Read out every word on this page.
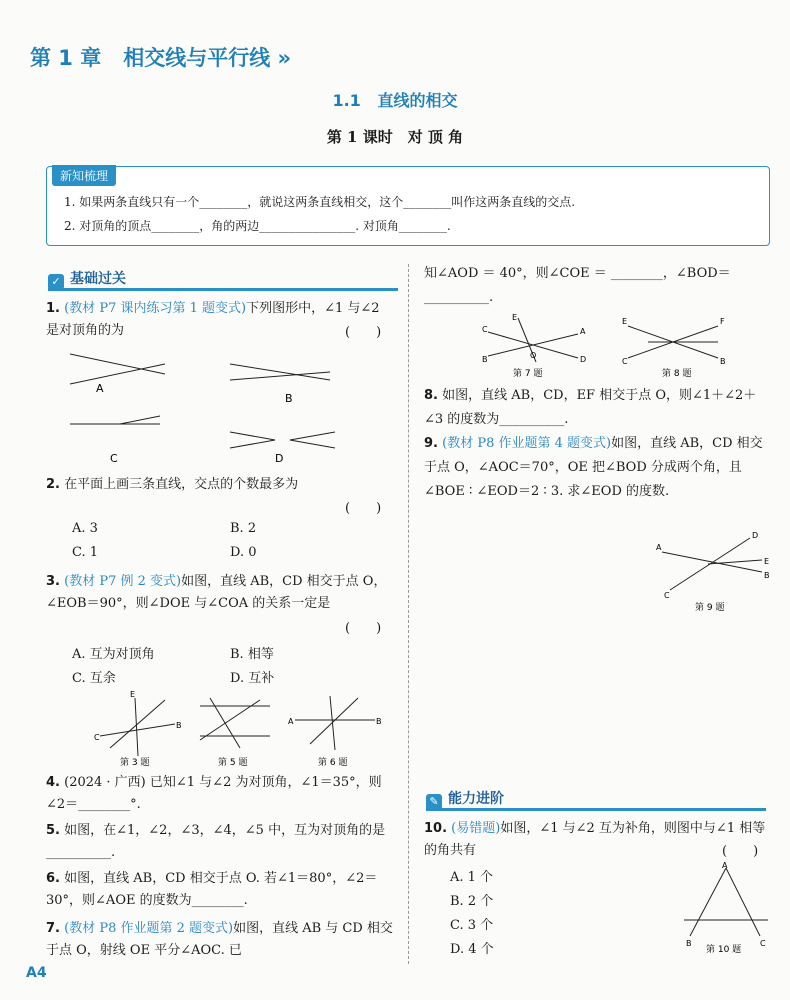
第 1 章 相交线与平行线 »
1.1 直线的相交
第 1 课时　对 顶 角
新知梳理
1. 如果两条直线只有一个________，就说这两条直线相交，这个________叫作这两条直线的交点.
2. 对顶角的顶点________，角的两边________________. 对顶角________.
✓ 基础过关
1. (教材 P7 课内练习第 1 题变式)下列图形中，∠1 与∠2 是对顶角的为	(　　)
A
B
C	D
2. 在平面上画三条直线，交点的个数最多为
(　　)
A. 3	B. 2
C. 1	D. 0
3. (教材 P7 例 2 变式)如图，直线 AB，CD 相交于点 O，∠EOB＝90°，则∠DOE 与∠COA 的关系一定是
(　　)
A. 互为对顶角	B. 相等
C. 互余	D. 互补
E
C
B
第 3 题	第 5 题
A	B
第 6 题
4. (2024 · 广西) 已知∠1 与∠2 为对顶角，∠1＝35°，则∠2＝________°.
5. 如图，在∠1，∠2，∠3，∠4，∠5 中，互为对顶角的是__________.
6. 如图，直线 AB，CD 相交于点 O. 若∠1＝80°，∠2＝30°，则∠AOE 的度数为________.
7. (教材 P8 作业题第 2 题变式)如图，直线 AB 与 CD 相交于点 O，射线 OE 平分∠AOC. 已
知∠AOD ＝ 40°，则∠COE ＝ ________，∠BOD＝__________.
E
C
B
A
D
O
第 7 题
E	F
C	B
第 8 题
8. 如图，直线 AB，CD，EF 相交于点 O，则∠1＋∠2＋∠3 的度数为__________.
9. (教材 P8 作业题第 4 题变式)如图，直线 AB，CD 相交于点 O，∠AOC＝70°，OE 把∠BOD 分成两个角，且∠BOE ∶ ∠EOD＝2 ∶ 3. 求∠EOD 的度数.
A
D
E
B
C
第 9 题
✎ 能力进阶
10. (易错题)如图，∠1 与∠2 互为补角，则图中与∠1 相等的角共有	(　　)
A. 1 个
B. 2 个
C. 3 个
D. 4 个
A
B	C
第 10 题
A4
